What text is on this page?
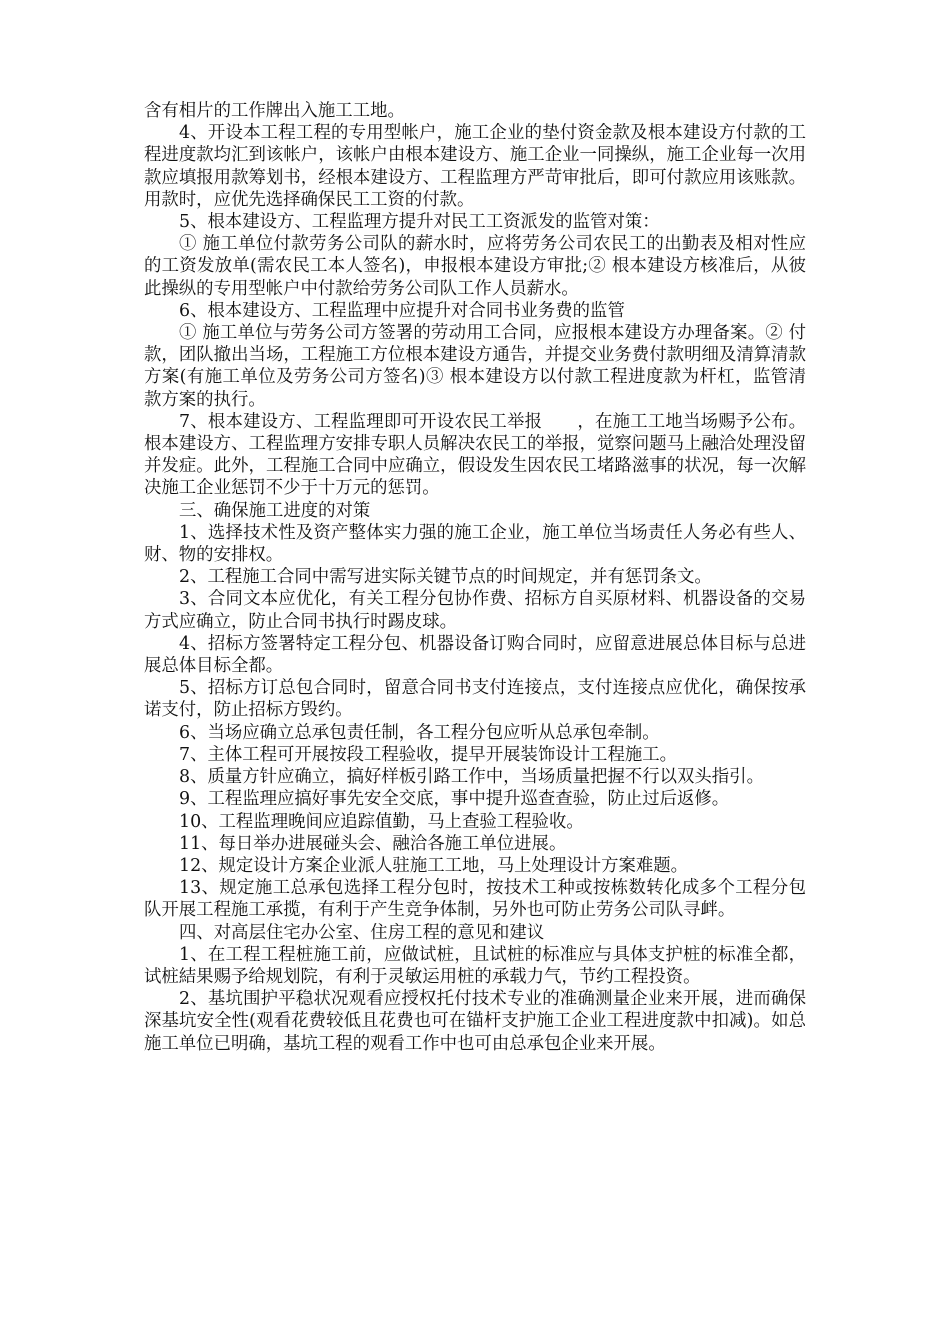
含有相片的工作牌出入施工工地。

4、开设本工程工程的专用型帐户，施工企业的垫付资金款及根本建设方付款的工程进度款均汇到该帐户，该帐户由根本建设方、施工企业一同操纵，施工企业每一次用款应填报用款筹划书，经根本建设方、工程监理方严苛审批后，即可付款应用该账款。用款时，应优先选择确保民工工资的付款。

5、根本建设方、工程监理方提升对民工工资派发的监管对策：

① 施工单位付款劳务公司队的薪水时，应将劳务公司农民工的出勤表及相对性应的工资发放单(需农民工本人签名)，申报根本建设方审批;② 根本建设方核准后，从彼此操纵的专用型帐户中付款给劳务公司队工作人员薪水。

6、根本建设方、工程监理中应提升对合同书业务费的监管

① 施工单位与劳务公司方签署的劳动用工合同，应报根本建设方办理备案。② 付款，团队撤出当场，工程施工方位根本建设方通告，并提交业务费付款明细及清算清款方案(有施工单位及劳务公司方签名)③ 根本建设方以付款工程进度款为杆杠，监管清款方案的执行。

7、根本建设方、工程监理即可开设农民工举报　　，在施工工地当场赐予公布。根本建设方、工程监理方安排专职人员解决农民工的举报，觉察问题马上融洽处理没留并发症。此外，工程施工合同中应确立，假设发生因农民工堵路滋事的状况，每一次解决施工企业惩罚不少于十万元的惩罚。

三、确保施工进度的对策

1、选择技术性及资产整体实力强的施工企业，施工单位当场责任人务必有些人、财、物的安排权。

2、工程施工合同中需写进实际关键节点的时间规定，并有惩罚条文。

3、合同文本应优化，有关工程分包协作费、招标方自买原材料、机器设备的交易方式应确立，防止合同书执行时踢皮球。

4、招标方签署特定工程分包、机器设备订购合同时，应留意进展总体目标与总进展总体目标全都。

5、招标方订总包合同时，留意合同书支付连接点，支付连接点应优化，确保按承诺支付，防止招标方毁约。

6、当场应确立总承包责任制，各工程分包应听从总承包牵制。

7、主体工程可开展按段工程验收，提早开展装饰设计工程施工。

8、质量方针应确立，搞好样板引路工作中，当场质量把握不行以双头指引。

9、工程监理应搞好事先安全交底，事中提升巡查查验，防止过后返修。

10、工程监理晚间应追踪值勤，马上查验工程验收。

11、每日举办进展碰头会、融洽各施工单位进展。

12、规定设计方案企业派人驻施工工地，马上处理设计方案难题。

13、规定施工总承包选择工程分包时，按技术工种或按栋数转化成多个工程分包队开展工程施工承揽，有利于产生竞争体制，另外也可防止劳务公司队寻衅。

四、对高层住宅办公室、住房工程的意见和建议

1、在工程工程桩施工前，应做试桩，且试桩的标准应与具体支护桩的标准全都，试桩結果赐予给规划院，有利于灵敏运用桩的承载力气，节约工程投资。

2、基坑围护平稳状况观看应授权托付技术专业的准确测量企业来开展，进而确保深基坑安全性(观看花费较低且花费也可在锚杆支护施工企业工程进度款中扣减)。如总施工单位已明确，基坑工程的观看工作中也可由总承包企业来开展。
